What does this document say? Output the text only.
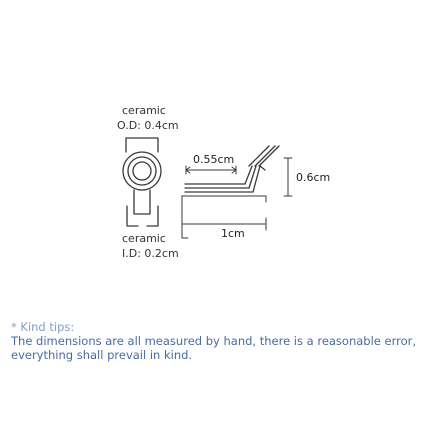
ceramic
O.D: 0.4cm
ceramic
I.D: 0.2cm
0.55cm
0.6cm
1cm
* Kind tips:
The dimensions are all measured by hand, there is a reasonable error, everything shall prevail in kind.
